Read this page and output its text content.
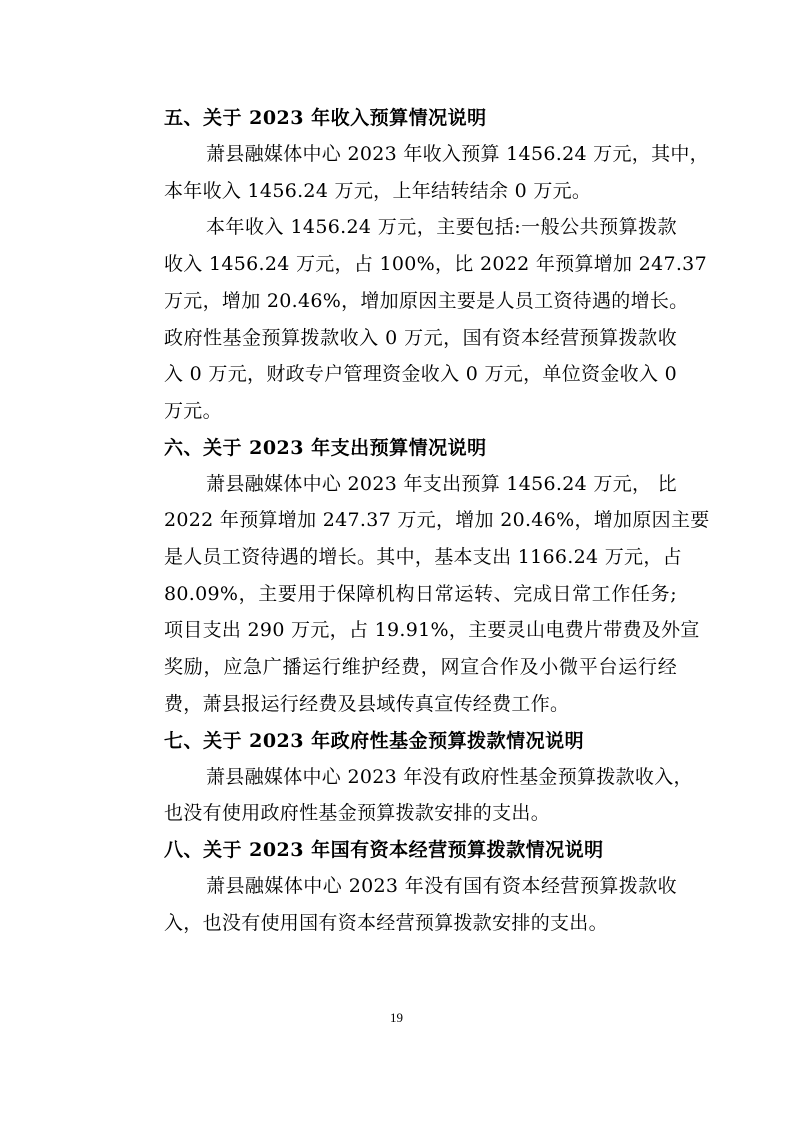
五、关于 2023 年收入预算情况说明
萧县融媒体中心 2023 年收入预算 1456.24 万元，其中，
本年收入 1456.24 万元，上年结转结余 0 万元。
本年收入 1456.24 万元，主要包括:一般公共预算拨款
收入 1456.24 万元，占 100%，比 2022 年预算增加 247.37
万元，增加 20.46%，增加原因主要是人员工资待遇的增长。
政府性基金预算拨款收入 0 万元，国有资本经营预算拨款收
入 0 万元，财政专户管理资金收入 0 万元，单位资金收入 0
万元。
六、关于 2023 年支出预算情况说明
萧县融媒体中心 2023 年支出预算 1456.24 万元， 比
2022 年预算增加 247.37 万元，增加 20.46%，增加原因主要
是人员工资待遇的增长。其中，基本支出 1166.24 万元，占
80.09%，主要用于保障机构日常运转、完成日常工作任务;
项目支出 290 万元，占 19.91%，主要灵山电费片带费及外宣
奖励，应急广播运行维护经费，网宣合作及小微平台运行经
费，萧县报运行经费及县域传真宣传经费工作。
七、关于 2023 年政府性基金预算拨款情况说明
萧县融媒体中心 2023 年没有政府性基金预算拨款收入，
也没有使用政府性基金预算拨款安排的支出。
八、关于 2023 年国有资本经营预算拨款情况说明
萧县融媒体中心 2023 年没有国有资本经营预算拨款收
入，也没有使用国有资本经营预算拨款安排的支出。
19
